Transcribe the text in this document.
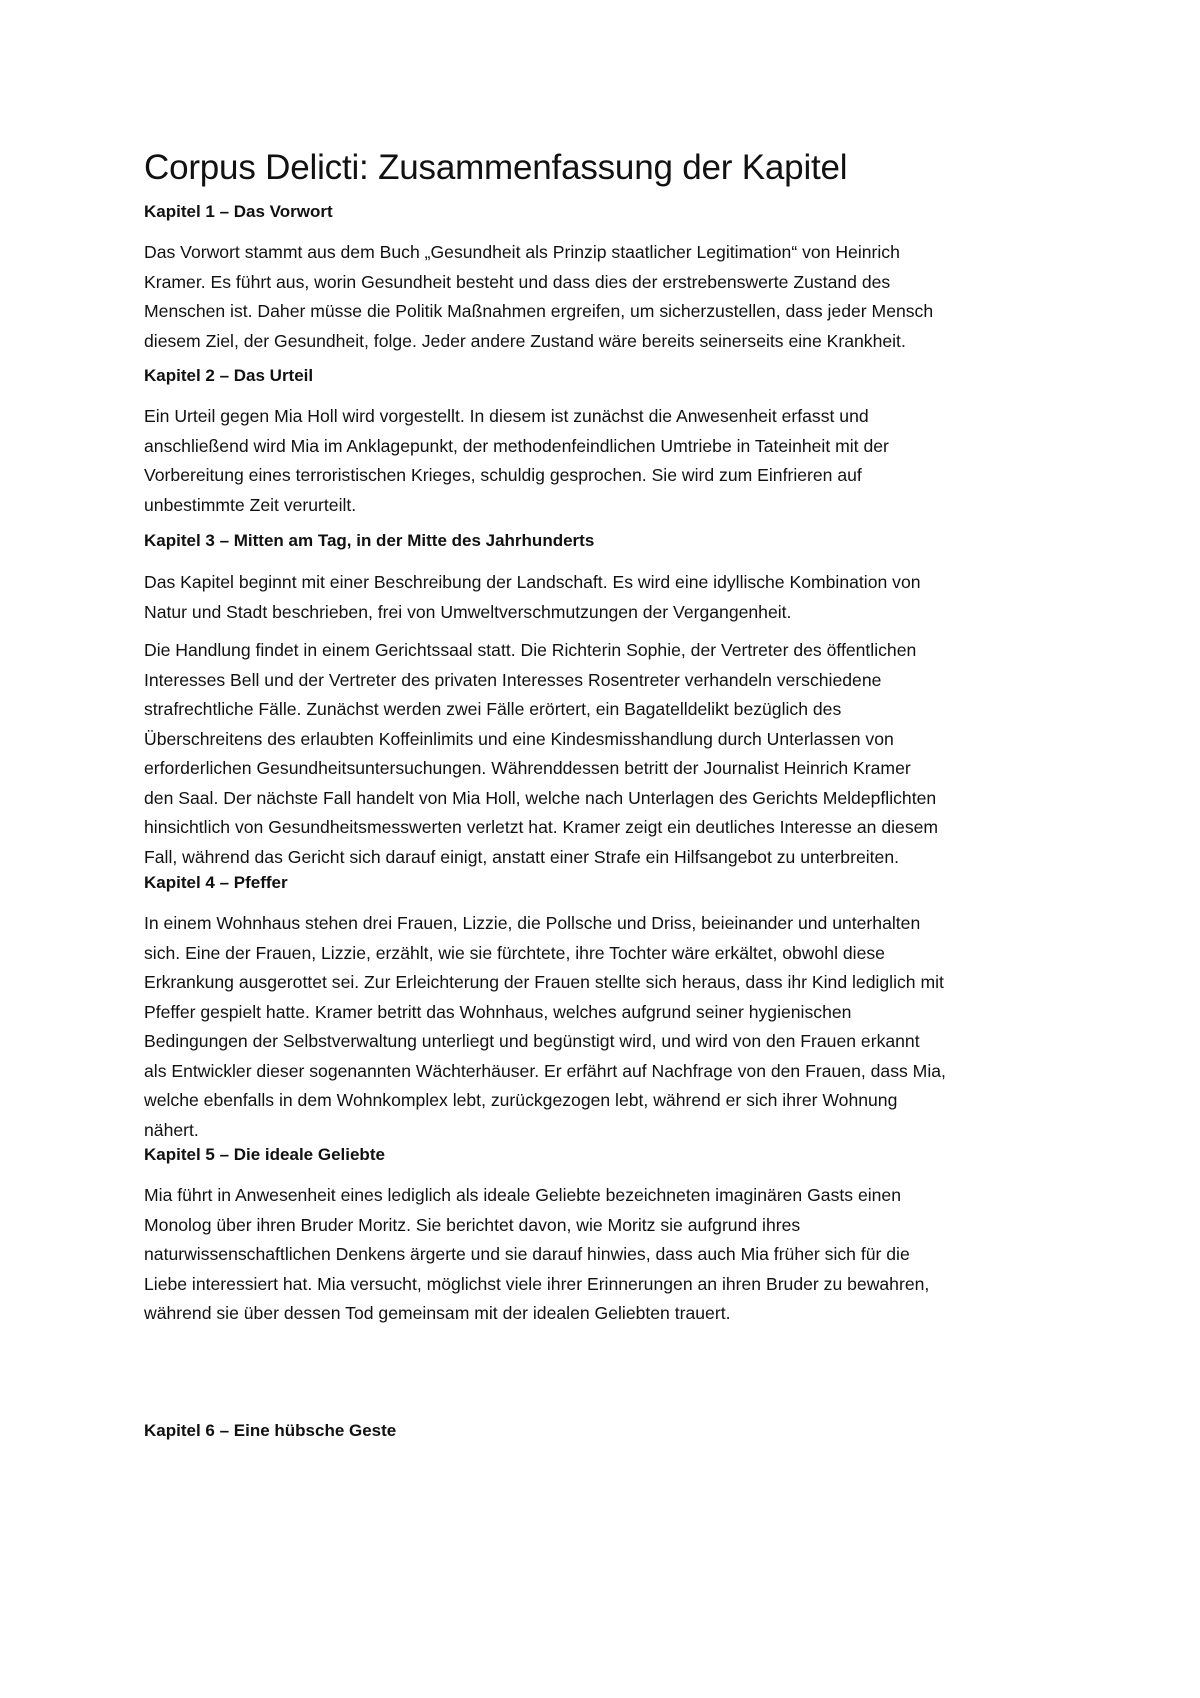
Corpus Delicti: Zusammenfassung der Kapitel
Kapitel 1 – Das Vorwort

Das Vorwort stammt aus dem Buch „Gesundheit als Prinzip staatlicher Legitimation“ von Heinrich
Kramer. Es führt aus, worin Gesundheit besteht und dass dies der erstrebenswerte Zustand des
Menschen ist. Daher müsse die Politik Maßnahmen ergreifen, um sicherzustellen, dass jeder Mensch
diesem Ziel, der Gesundheit, folge. Jeder andere Zustand wäre bereits seinerseits eine Krankheit.

Kapitel 2 – Das Urteil

Ein Urteil gegen Mia Holl wird vorgestellt. In diesem ist zunächst die Anwesenheit erfasst und
anschließend wird Mia im Anklagepunkt, der methodenfeindlichen Umtriebe in Tateinheit mit der
Vorbereitung eines terroristischen Krieges, schuldig gesprochen. Sie wird zum Einfrieren auf
unbestimmte Zeit verurteilt.

Kapitel 3 – Mitten am Tag, in der Mitte des Jahrhunderts

Das Kapitel beginnt mit einer Beschreibung der Landschaft. Es wird eine idyllische Kombination von
Natur und Stadt beschrieben, frei von Umweltverschmutzungen der Vergangenheit.

Die Handlung findet in einem Gerichtssaal statt. Die Richterin Sophie, der Vertreter des öffentlichen
Interesses Bell und der Vertreter des privaten Interesses Rosentreter verhandeln verschiedene
strafrechtliche Fälle. Zunächst werden zwei Fälle erörtert, ein Bagatelldelikt bezüglich des
Überschreitens des erlaubten Koffeinlimits und eine Kindesmisshandlung durch Unterlassen von
erforderlichen Gesundheitsuntersuchungen. Währenddessen betritt der Journalist Heinrich Kramer
den Saal. Der nächste Fall handelt von Mia Holl, welche nach Unterlagen des Gerichts Meldepflichten
hinsichtlich von Gesundheitsmesswerten verletzt hat. Kramer zeigt ein deutliches Interesse an diesem
Fall, während das Gericht sich darauf einigt, anstatt einer Strafe ein Hilfsangebot zu unterbreiten.

Kapitel 4 – Pfeffer

In einem Wohnhaus stehen drei Frauen, Lizzie, die Pollsche und Driss, beieinander und unterhalten
sich. Eine der Frauen, Lizzie, erzählt, wie sie fürchtete, ihre Tochter wäre erkältet, obwohl diese
Erkrankung ausgerottet sei. Zur Erleichterung der Frauen stellte sich heraus, dass ihr Kind lediglich mit
Pfeffer gespielt hatte. Kramer betritt das Wohnhaus, welches aufgrund seiner hygienischen
Bedingungen der Selbstverwaltung unterliegt und begünstigt wird, und wird von den Frauen erkannt
als Entwickler dieser sogenannten Wächterhäuser. Er erfährt auf Nachfrage von den Frauen, dass Mia,
welche ebenfalls in dem Wohnkomplex lebt, zurückgezogen lebt, während er sich ihrer Wohnung
nähert.

Kapitel 5 – Die ideale Geliebte

Mia führt in Anwesenheit eines lediglich als ideale Geliebte bezeichneten imaginären Gasts einen
Monolog über ihren Bruder Moritz. Sie berichtet davon, wie Moritz sie aufgrund ihres
naturwissenschaftlichen Denkens ärgerte und sie darauf hinwies, dass auch Mia früher sich für die
Liebe interessiert hat. Mia versucht, möglichst viele ihrer Erinnerungen an ihren Bruder zu bewahren,
während sie über dessen Tod gemeinsam mit der idealen Geliebten trauert.

Kapitel 6 – Eine hübsche Geste
